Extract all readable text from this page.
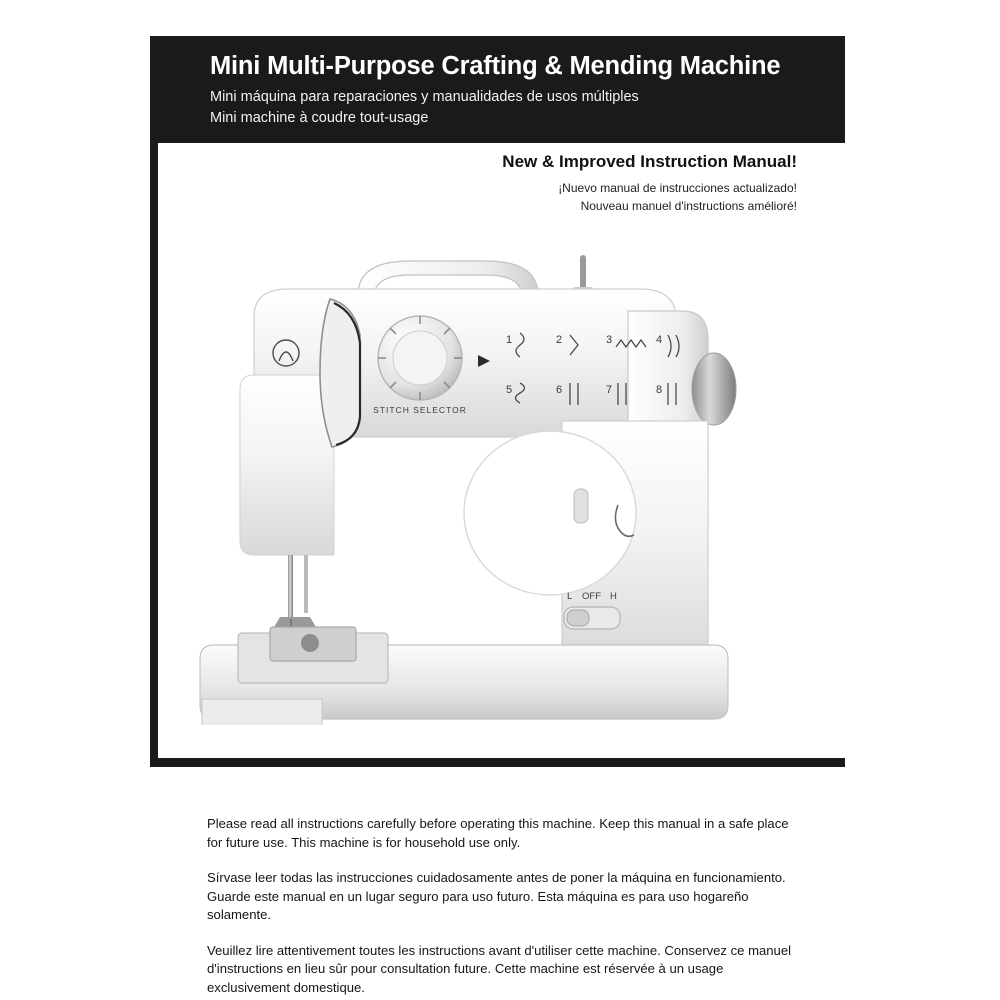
Mini Multi-Purpose Crafting & Mending Machine
Mini máquina para reparaciones y manualidades de usos múltiples
Mini machine à coudre tout-usage
New & Improved Instruction Manual!
¡Nuevo manual de instrucciones actualizado!
Nouveau manuel d'instructions amélioré!
STITCH SELECTOR
1	2	3	4
5	6	7	8
L OFF H

Please read all instructions carefully before operating this machine. Keep this manual in a safe place for future use. This machine is for household use only.

Sírvase leer todas las instrucciones cuidadosamente antes de poner la máquina en funcionamiento. Guarde este manual en un lugar seguro para uso futuro. Esta máquina es para uso hogareño solamente.

Veuillez lire attentivement toutes les instructions avant d'utiliser cette machine. Conservez ce manuel d'instructions en lieu sûr pour consultation future. Cette machine est réservée à un usage exclusivement domestique.
